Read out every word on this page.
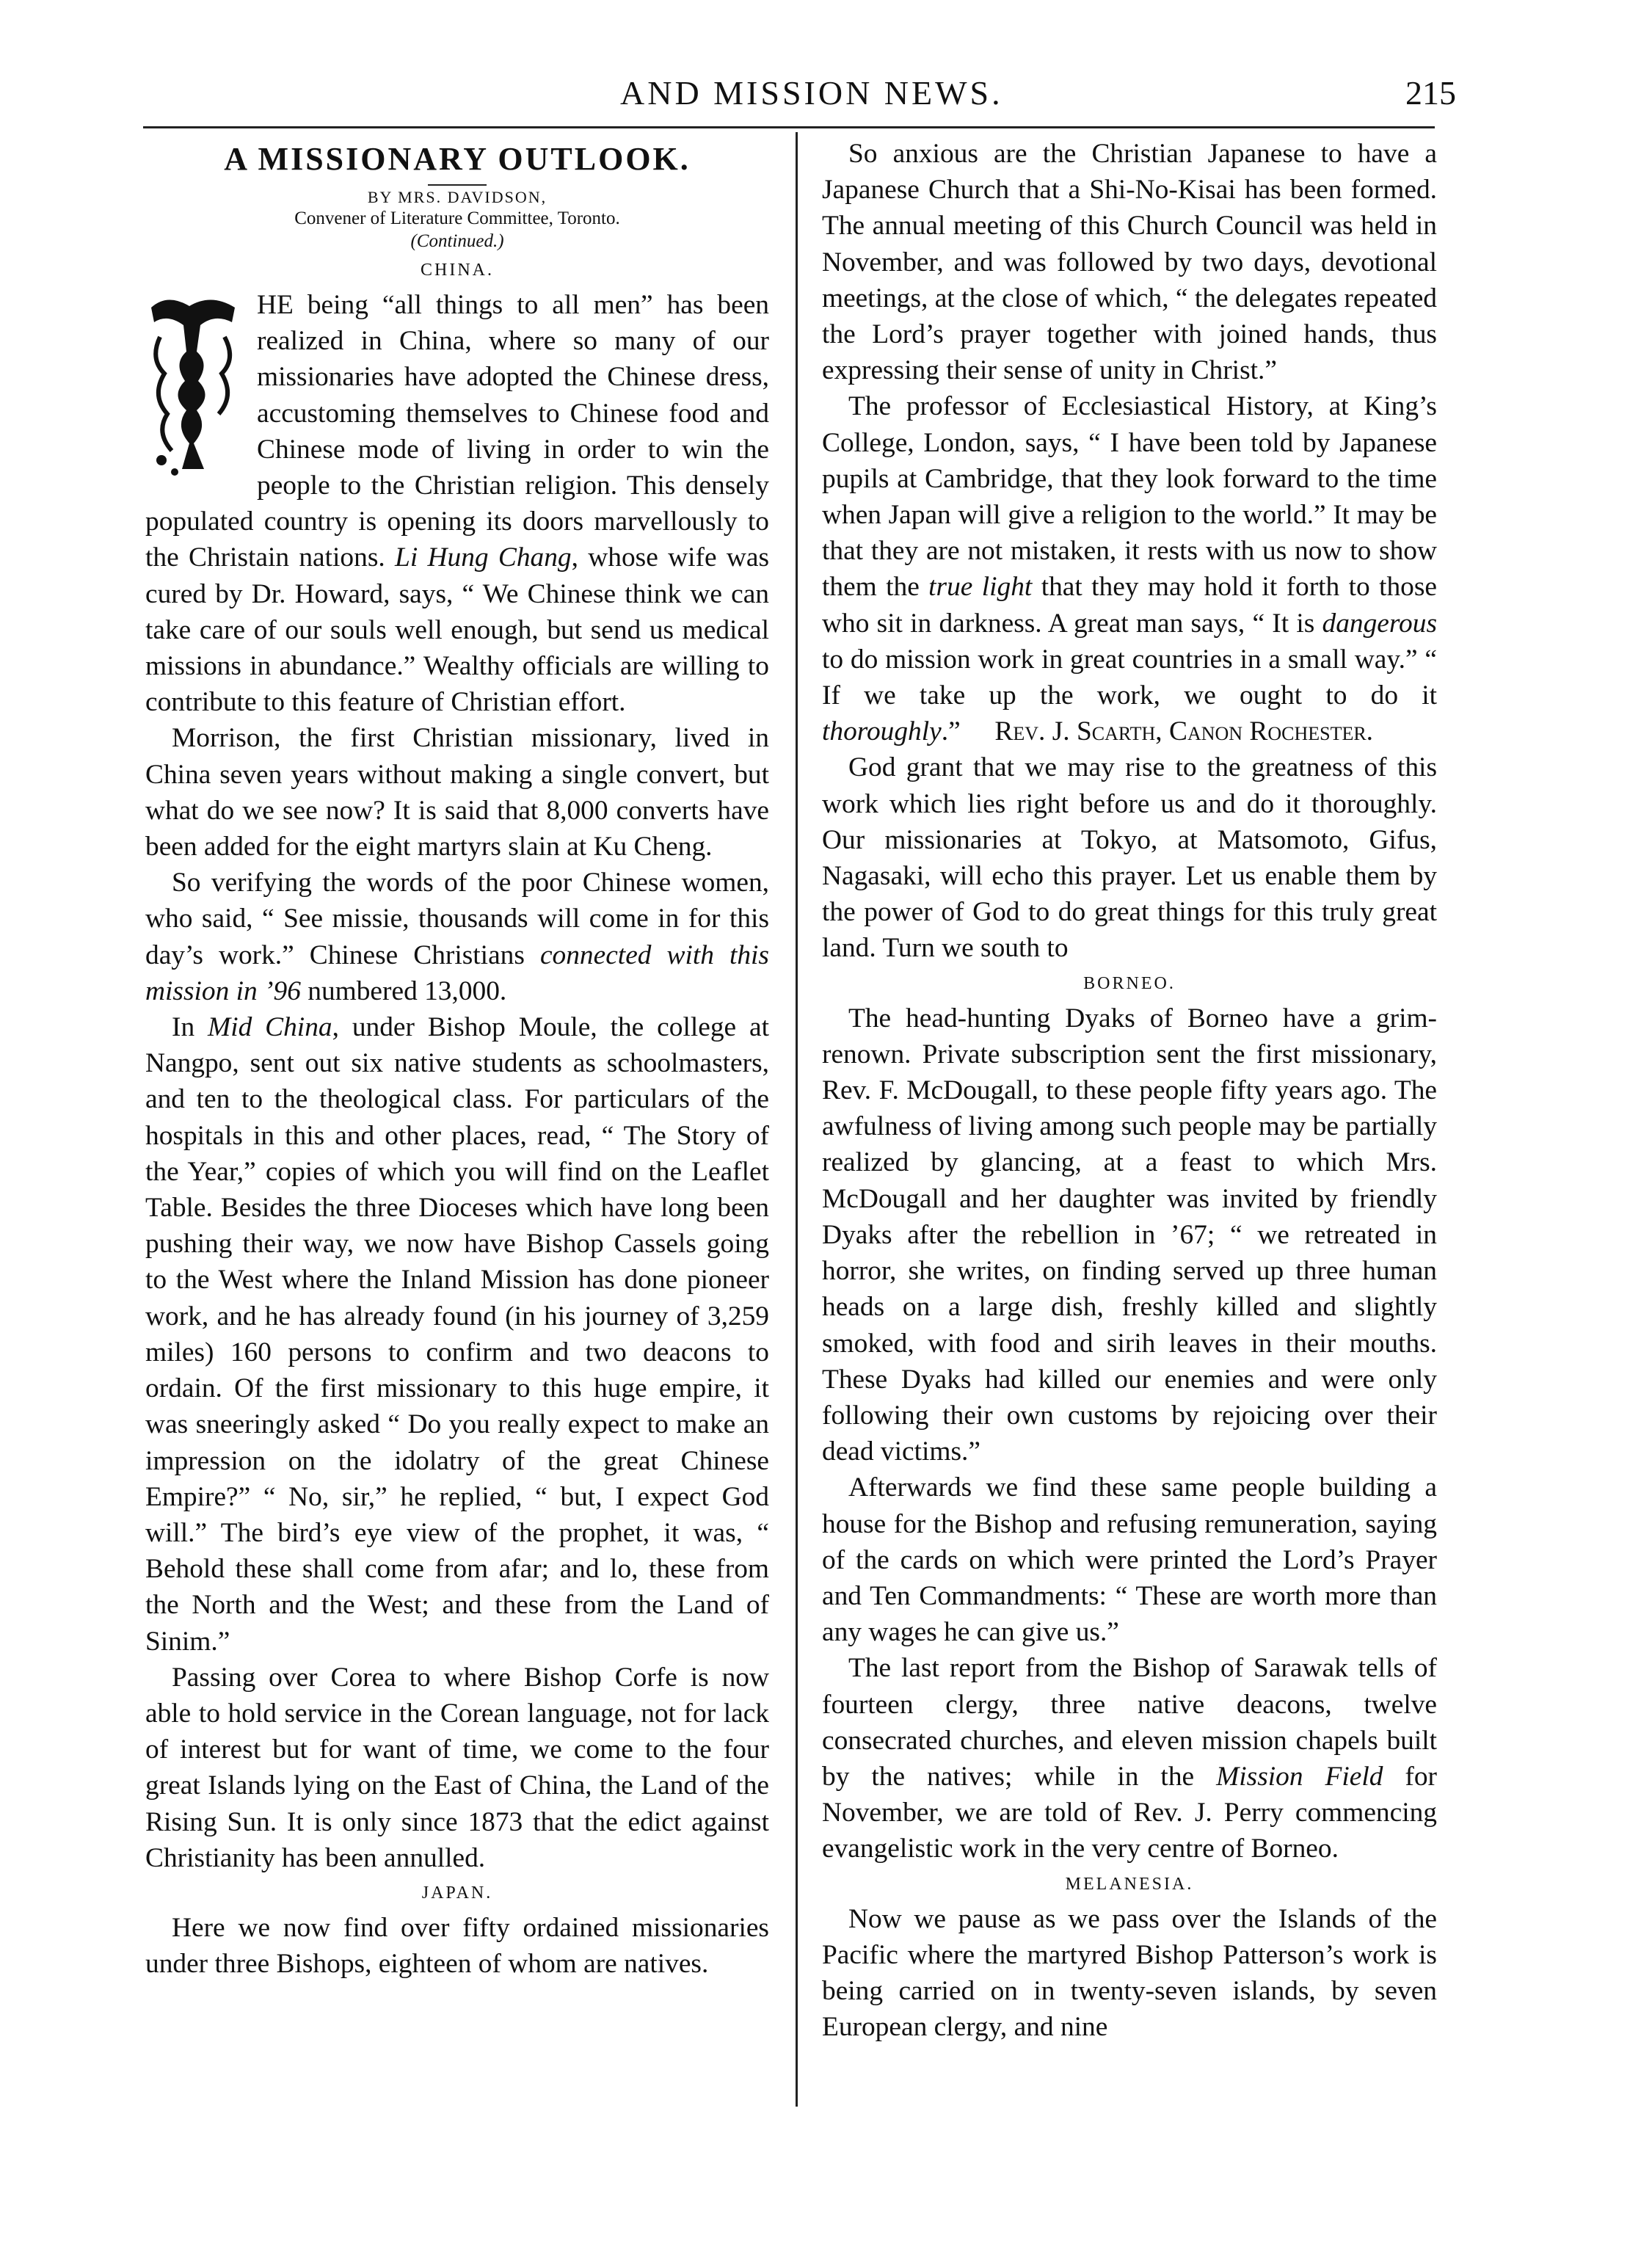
AND MISSION NEWS.	215
A MISSIONARY OUTLOOK.

BY MRS. DAVIDSON,

Convener of Literature Committee, Toronto.

(Continued.)

CHINA.

HE being “all things to all men” has been realized in China, where so many of our missionaries have adopted the Chinese dress, accustoming themselves to Chinese food and Chinese mode of living in order to win the people to the Christian religion. This densely populated country is opening its doors marvellously to the Christain nations. Li Hung Chang, whose wife was cured by Dr. Howard, says, “ We Chinese think we can take care of our souls well enough, but send us medical missions in abundance.” Wealthy officials are willing to contribute to this feature of Christian effort.

Morrison, the first Christian missionary, lived in China seven years without making a single convert, but what do we see now? It is said that 8,000 converts have been added for the eight martyrs slain at Ku Cheng.

So verifying the words of the poor Chinese women, who said, “ See missie, thousands will come in for this day’s work.” Chinese Christians connected with this mission in ’96 numbered 13,000.

In Mid China, under Bishop Moule, the college at Nangpo, sent out six native students as schoolmasters, and ten to the theological class. For particulars of the hospitals in this and other places, read, “ The Story of the Year,” copies of which you will find on the Leaflet Table. Besides the three Dioceses which have long been pushing their way, we now have Bishop Cassels going to the West where the Inland Mission has done pioneer work, and he has already found (in his journey of 3,259 miles) 160 persons to confirm and two deacons to ordain. Of the first missionary to this huge empire, it was sneeringly asked “ Do you really expect to make an impression on the idolatry of the great Chinese Empire?” “ No, sir,” he replied, “ but, I expect God will.” The bird’s eye view of the prophet, it was, “ Behold these shall come from afar; and lo, these from the North and the West; and these from the Land of Sinim.”

Passing over Corea to where Bishop Corfe is now able to hold service in the Corean language, not for lack of interest but for want of time, we come to the four great Islands lying on the East of China, the Land of the Rising Sun. It is only since 1873 that the edict against Christianity has been annulled.

JAPAN.

Here we now find over fifty ordained missionaries under three Bishops, eighteen of whom are natives.

So anxious are the Christian Japanese to have a Japanese Church that a Shi-No-Kisai has been formed. The annual meeting of this Church Council was held in November, and was followed by two days, devotional meetings, at the close of which, “ the delegates repeated the Lord’s prayer together with joined hands, thus expressing their sense of unity in Christ.”

The professor of Ecclesiastical History, at King’s College, London, says, “ I have been told by Japanese pupils at Cambridge, that they look forward to the time when Japan will give a religion to the world.” It may be that they are not mistaken, it rests with us now to show them the true light that they may hold it forth to those who sit in darkness. A great man says, “ It is dangerous to do mission work in great countries in a small way.” “ If we take up the work, we ought to do it thoroughly.” Rev. J. Scarth, Canon Rochester.

God grant that we may rise to the greatness of this work which lies right before us and do it thoroughly. Our missionaries at Tokyo, at Matsomoto, Gifus, Nagasaki, will echo this prayer. Let us enable them by the power of God to do great things for this truly great land. Turn we south to

BORNEO.

The head-hunting Dyaks of Borneo have a grim-renown. Private subscription sent the first missionary, Rev. F. McDougall, to these people fifty years ago. The awfulness of living among such people may be partially realized by glancing, at a feast to which Mrs. McDougall and her daughter was invited by friendly Dyaks after the rebellion in ’67; “ we retreated in horror, she writes, on finding served up three human heads on a large dish, freshly killed and slightly smoked, with food and sirih leaves in their mouths. These Dyaks had killed our enemies and were only following their own customs by rejoicing over their dead victims.”

Afterwards we find these same people building a house for the Bishop and refusing remuneration, saying of the cards on which were printed the Lord’s Prayer and Ten Commandments: “ These are worth more than any wages he can give us.”

The last report from the Bishop of Sarawak tells of fourteen clergy, three native deacons, twelve consecrated churches, and eleven mission chapels built by the natives; while in the Mission Field for November, we are told of Rev. J. Perry commencing evangelistic work in the very centre of Borneo.

MELANESIA.

Now we pause as we pass over the Islands of the Pacific where the martyred Bishop Patterson’s work is being carried on in twenty-seven islands, by seven European clergy, and nine
